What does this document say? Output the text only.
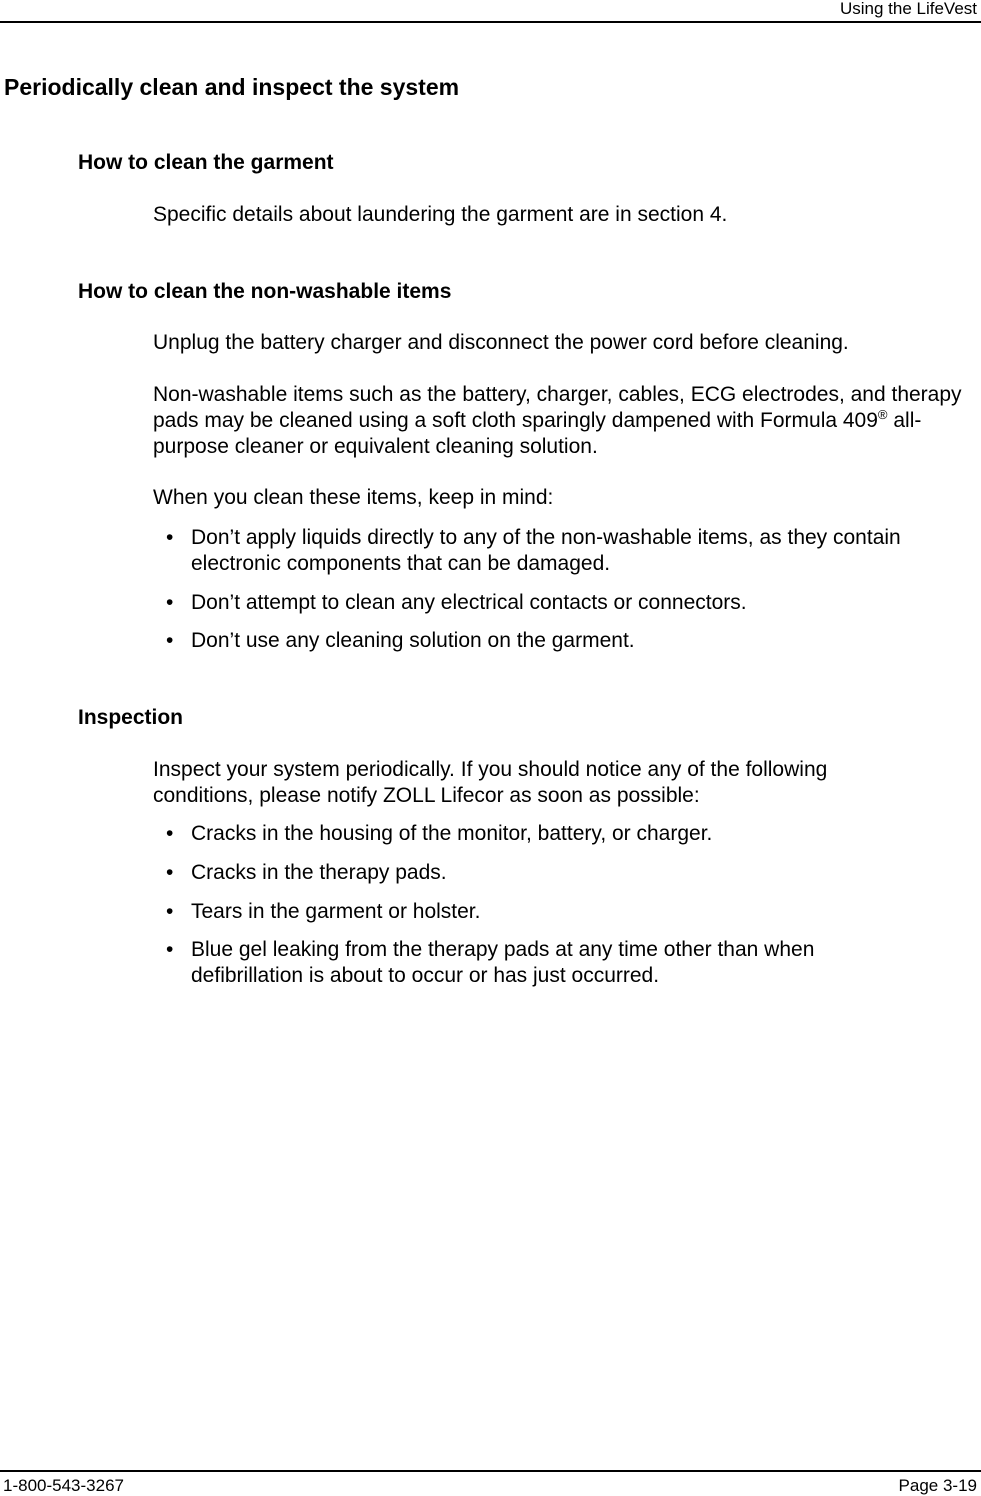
Using the LifeVest
Periodically clean and inspect the system
How to clean the garment

Specific details about laundering the garment are in section 4.

How to clean the non-washable items

Unplug the battery charger and disconnect the power cord before cleaning.

Non-washable items such as the battery, charger, cables, ECG electrodes, and therapy pads may be cleaned using a soft cloth sparingly dampened with Formula 409® all-purpose cleaner or equivalent cleaning solution.

When you clean these items, keep in mind:

• Don’t apply liquids directly to any of the non-washable items, as they contain electronic components that can be damaged.
• Don’t attempt to clean any electrical contacts or connectors.
• Don’t use any cleaning solution on the garment.
Inspection

Inspect your system periodically. If you should notice any of the following conditions, please notify ZOLL Lifecor as soon as possible:

• Cracks in the housing of the monitor, battery, or charger.
• Cracks in the therapy pads.
• Tears in the garment or holster.
• Blue gel leaking from the therapy pads at any time other than when defibrillation is about to occur or has just occurred.
1-800-543-3267	Page 3-19
